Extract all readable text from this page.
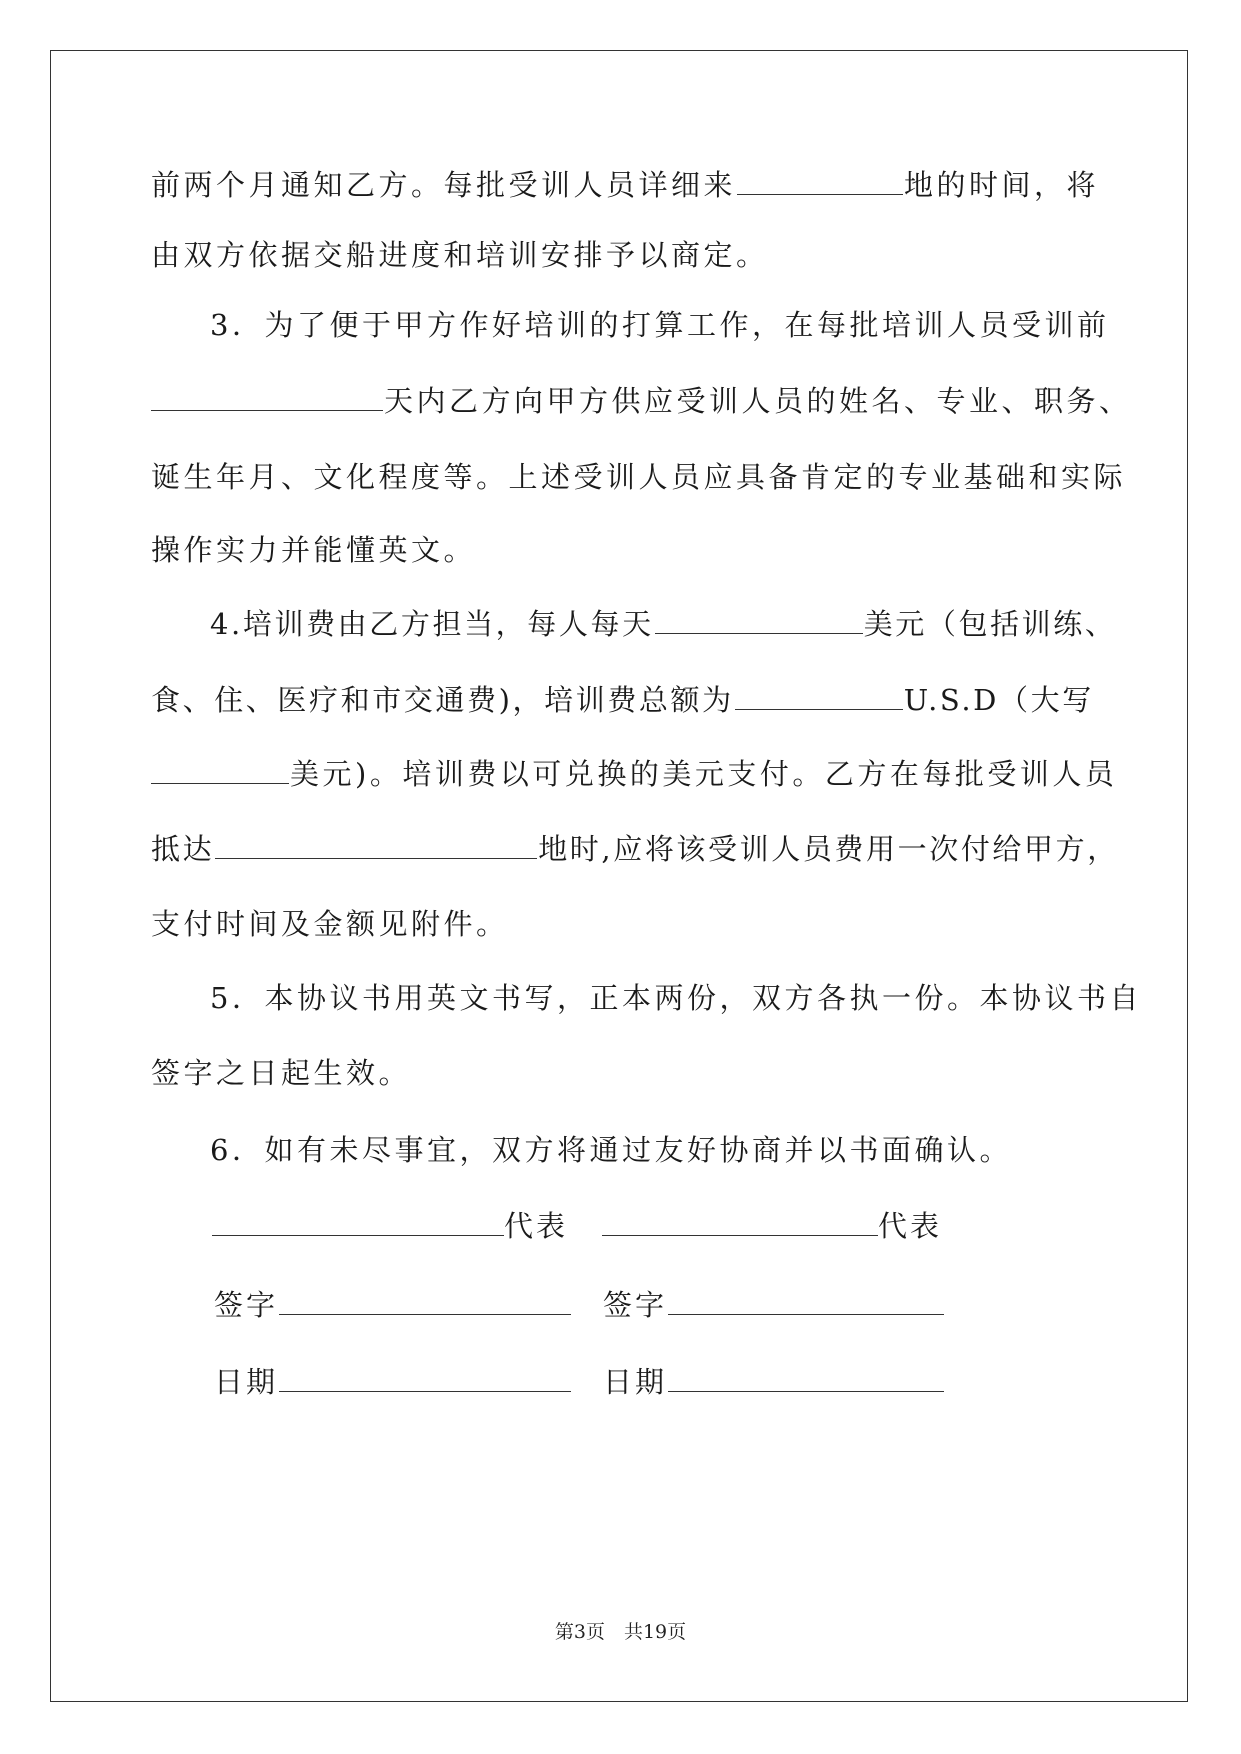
前两个月通知乙方。每批受训人员详细来	地的时间，将
由双方依据交船进度和培训安排予以商定。
3．为了便于甲方作好培训的打算工作，在每批培训人员受训前
天内乙方向甲方供应受训人员的姓名、专业、职务、
诞生年月、文化程度等。上述受训人员应具备肯定的专业基础和实际
操作实力并能懂英文。
4.培训费由乙方担当，每人每天	美元（包括训练、
食、住、医疗和市交通费)，培训费总额为	U.S.D（大写
美元)。培训费以可兑换的美元支付。乙方在每批受训人员
抵达	地时,应将该受训人员费用一次付给甲方，
支付时间及金额见附件。
5．本协议书用英文书写，正本两份，双方各执一份。本协议书自
签字之日起生效。
6．如有未尽事宜，双方将通过友好协商并以书面确认。
代表	代表
签字	签字
日期	日期
第3页　共19页
